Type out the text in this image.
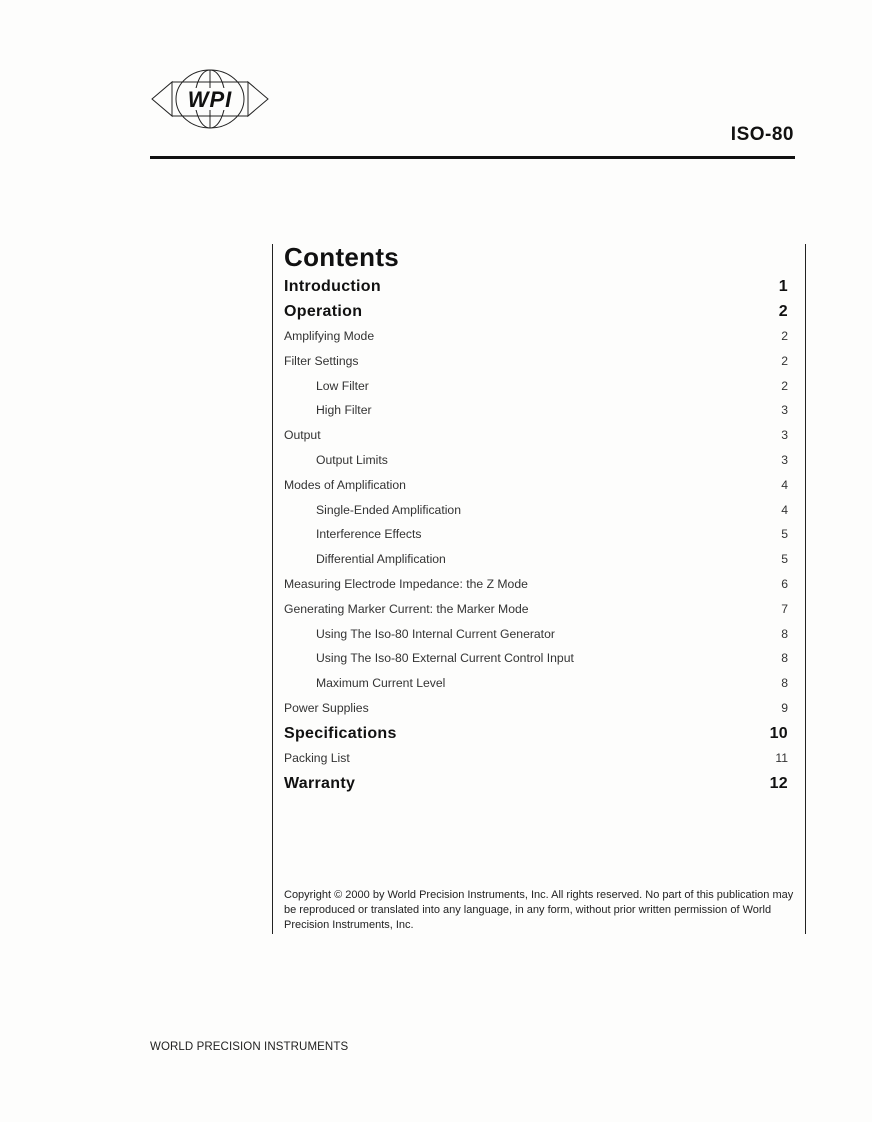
WPI
ISO-80
Contents
Introduction	1
Operation	2
Amplifying Mode	2
Filter Settings	2
Low Filter	2
High Filter	3
Output	3
Output Limits	3
Modes of Amplification	4
Single-Ended Amplification	4
Interference Effects	5
Differential Amplification	5
Measuring Electrode Impedance: the Z Mode	6
Generating Marker Current: the Marker Mode	7
Using The Iso-80 Internal Current Generator	8
Using The Iso-80 External Current Control Input	8
Maximum Current Level	8
Power Supplies	9
Specifications	10
Packing List	11
Warranty	12
Copyright © 2000 by World Precision Instruments, Inc. All rights reserved. No part of this publication may be reproduced or translated into any language, in any form, without prior written permission of World Precision Instruments, Inc.
WORLD PRECISION INSTRUMENTS
